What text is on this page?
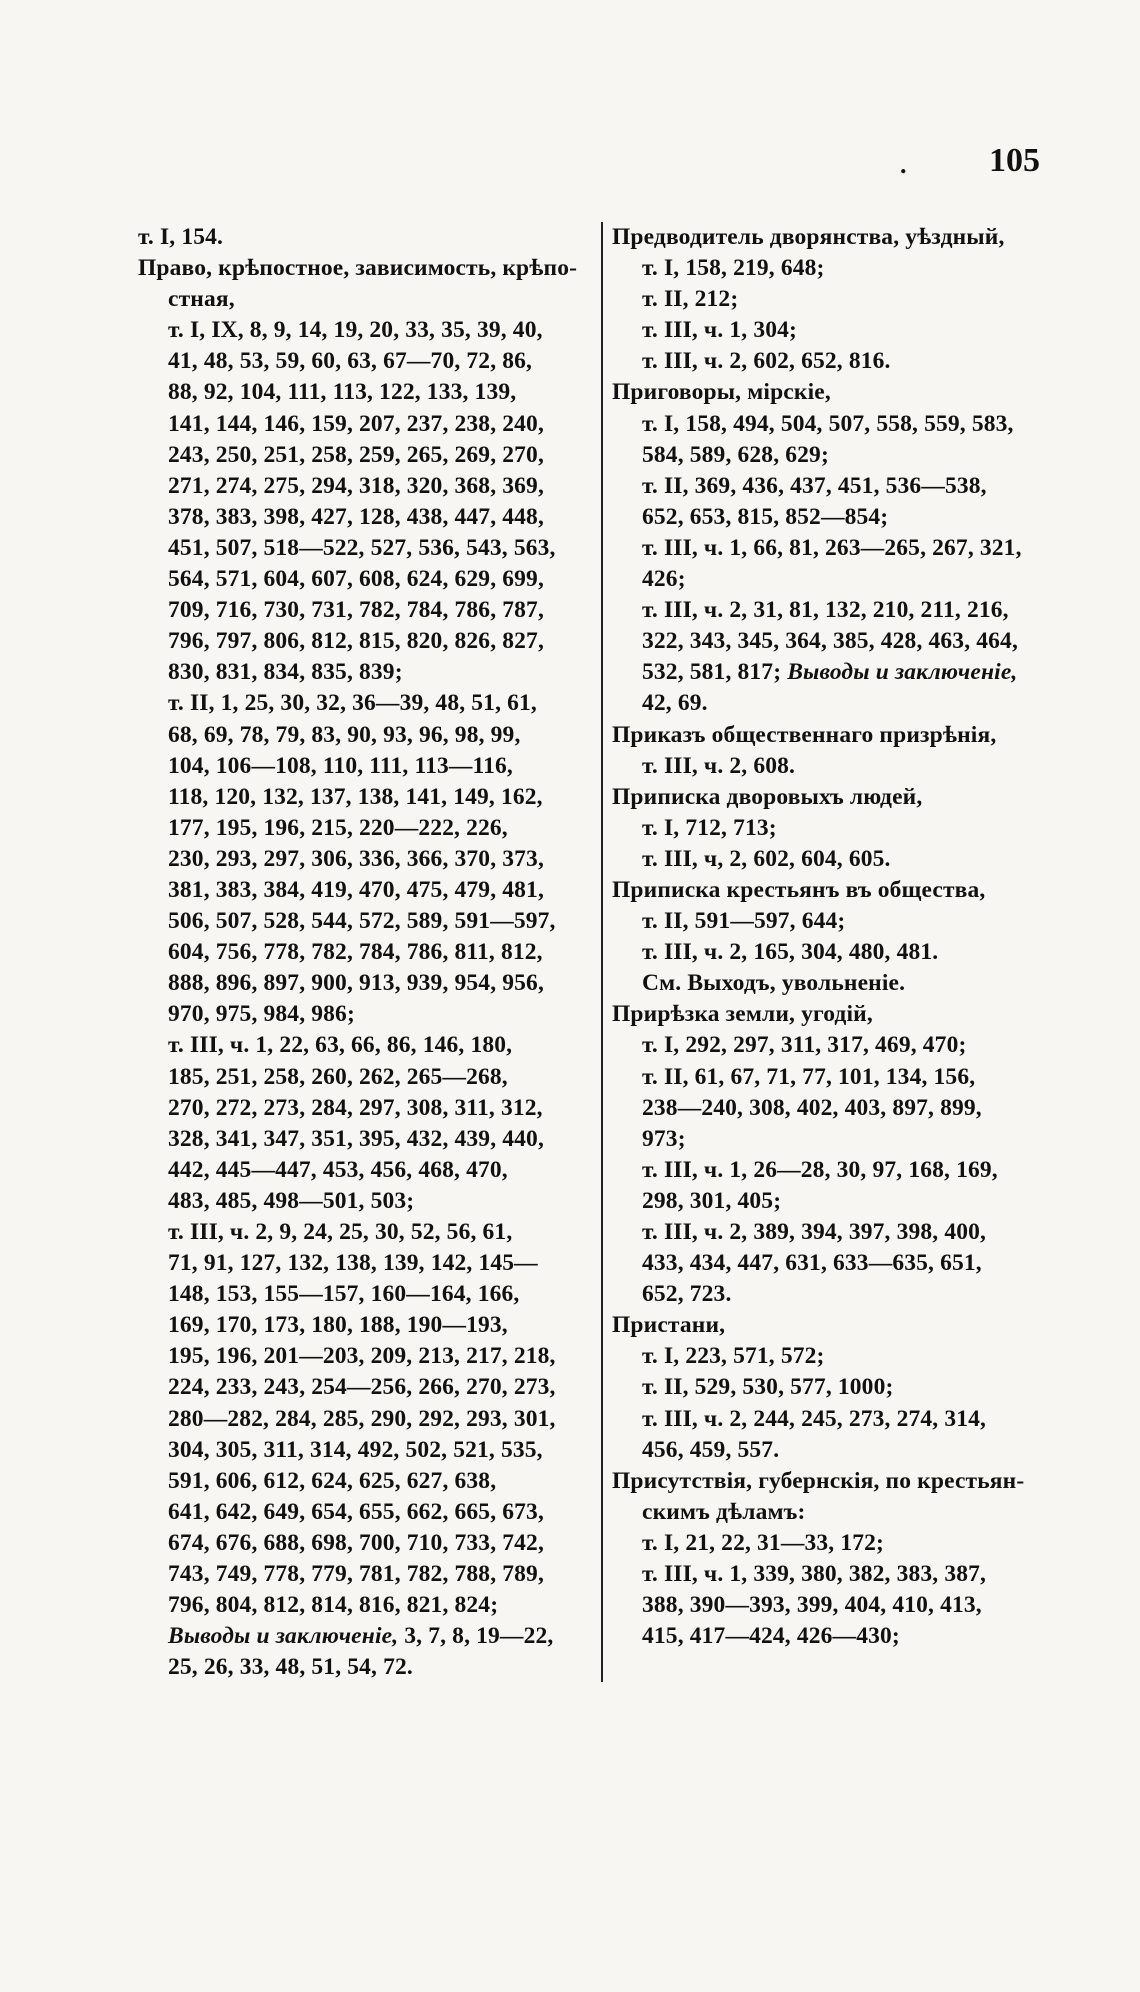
. 105
т. I, 154.
Право, крѣпостное, зависимость, крѣпо-
стная,
т. I, IX, 8, 9, 14, 19, 20, 33, 35, 39, 40,
41, 48, 53, 59, 60, 63, 67—70, 72, 86,
88, 92, 104, 111, 113, 122, 133, 139,
141, 144, 146, 159, 207, 237, 238, 240,
243, 250, 251, 258, 259, 265, 269, 270,
271, 274, 275, 294, 318, 320, 368, 369,
378, 383, 398, 427, 128, 438, 447, 448,
451, 507, 518—522, 527, 536, 543, 563,
564, 571, 604, 607, 608, 624, 629, 699,
709, 716, 730, 731, 782, 784, 786, 787,
796, 797, 806, 812, 815, 820, 826, 827,
830, 831, 834, 835, 839;
т. II, 1, 25, 30, 32, 36—39, 48, 51, 61,
68, 69, 78, 79, 83, 90, 93, 96, 98, 99,
104, 106—108, 110, 111, 113—116,
118, 120, 132, 137, 138, 141, 149, 162,
177, 195, 196, 215, 220—222, 226,
230, 293, 297, 306, 336, 366, 370, 373,
381, 383, 384, 419, 470, 475, 479, 481,
506, 507, 528, 544, 572, 589, 591—597,
604, 756, 778, 782, 784, 786, 811, 812,
888, 896, 897, 900, 913, 939, 954, 956,
970, 975, 984, 986;
т. III, ч. 1, 22, 63, 66, 86, 146, 180,
185, 251, 258, 260, 262, 265—268,
270, 272, 273, 284, 297, 308, 311, 312,
328, 341, 347, 351, 395, 432, 439, 440,
442, 445—447, 453, 456, 468, 470,
483, 485, 498—501, 503;
т. III, ч. 2, 9, 24, 25, 30, 52, 56, 61,
71, 91, 127, 132, 138, 139, 142, 145—
148, 153, 155—157, 160—164, 166,
169, 170, 173, 180, 188, 190—193,
195, 196, 201—203, 209, 213, 217, 218,
224, 233, 243, 254—256, 266, 270, 273,
280—282, 284, 285, 290, 292, 293, 301,
304, 305, 311, 314, 492, 502, 521, 535,
591, 606, 612, 624, 625, 627, 638,
641, 642, 649, 654, 655, 662, 665, 673,
674, 676, 688, 698, 700, 710, 733, 742,
743, 749, 778, 779, 781, 782, 788, 789,
796, 804, 812, 814, 816, 821, 824;
Выводы и заключенiе, 3, 7, 8, 19—22,
25, 26, 33, 48, 51, 54, 72.
Предводитель дворянства, уѣздный,
т. I, 158, 219, 648;
т. II, 212;
т. III, ч. 1, 304;
т. III, ч. 2, 602, 652, 816.
Приговоры, мiрскiе,
т. I, 158, 494, 504, 507, 558, 559, 583,
584, 589, 628, 629;
т. II, 369, 436, 437, 451, 536—538,
652, 653, 815, 852—854;
т. III, ч. 1, 66, 81, 263—265, 267, 321,
426;
т. III, ч. 2, 31, 81, 132, 210, 211, 216,
322, 343, 345, 364, 385, 428, 463, 464,
532, 581, 817; Выводы и заключенiе,
42, 69.
Приказъ общественнаго призрѣнiя,
т. III, ч. 2, 608.
Приписка дворовыхъ людей,
т. I, 712, 713;
т. III, ч, 2, 602, 604, 605.
Приписка крестьянъ въ общества,
т. II, 591—597, 644;
т. III, ч. 2, 165, 304, 480, 481.
См. Выходъ, увольненiе.
Прирѣзка земли, угодiй,
т. I, 292, 297, 311, 317, 469, 470;
т. II, 61, 67, 71, 77, 101, 134, 156,
238—240, 308, 402, 403, 897, 899,
973;
т. III, ч. 1, 26—28, 30, 97, 168, 169,
298, 301, 405;
т. III, ч. 2, 389, 394, 397, 398, 400,
433, 434, 447, 631, 633—635, 651,
652, 723.
Пристани,
т. I, 223, 571, 572;
т. II, 529, 530, 577, 1000;
т. III, ч. 2, 244, 245, 273, 274, 314,
456, 459, 557.
Присутствiя, губернскiя, по крестьян-
скимъ дѣламъ:
т. I, 21, 22, 31—33, 172;
т. III, ч. 1, 339, 380, 382, 383, 387,
388, 390—393, 399, 404, 410, 413,
415, 417—424, 426—430;
